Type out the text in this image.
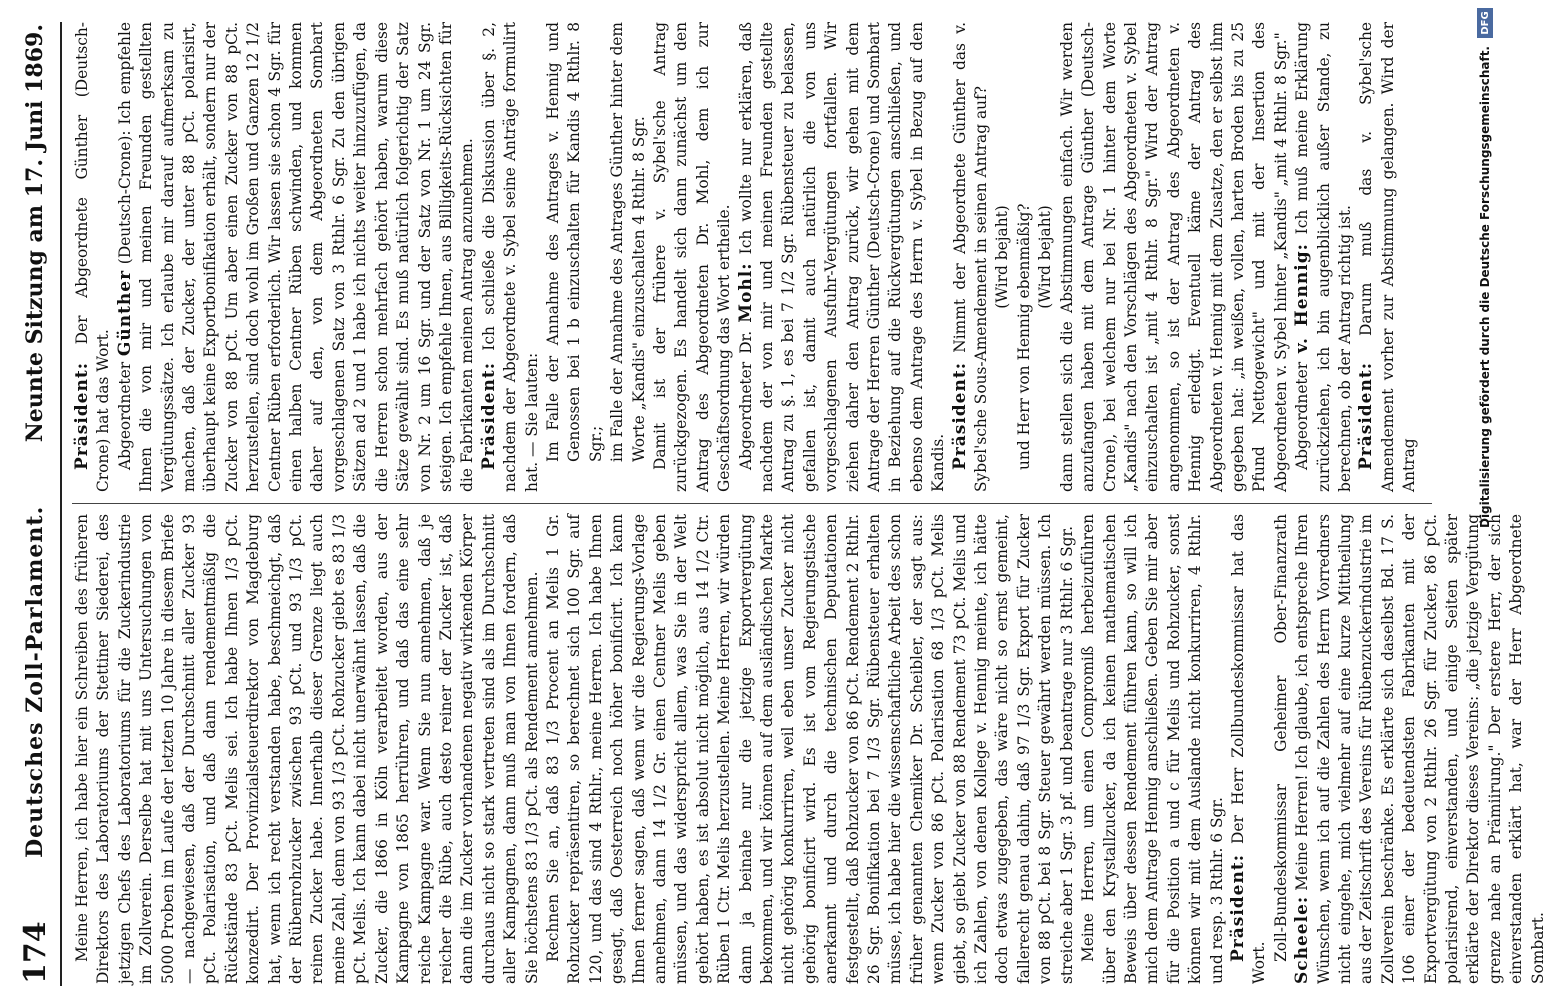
174
Deutsches Zoll-Parlament.
Neunte Sitzung am 17. Juni 1869.

Meine Herren, ich habe hier ein Schreiben des früheren Direktors des Laboratoriums der Stettiner Siederei, des jetzigen Chefs des Laboratoriums für die Zuckerindustrie im Zollverein. Derselbe hat mit uns Untersuchungen von 5000 Proben im Laufe der letzten 10 Jahre in diesem Briefe — nachgewiesen, daß der Durchschnitt aller Zucker 93 pCt. Polarisation, und daß dann rendementmäßig die Rückstände 83 pCt. Melis sei. Ich habe Ihnen 1/3 pCt. konzedirt. Der Provinzialsteuerdirektor von Magdeburg hat, wenn ich recht verstanden habe, beschmeichgt, daß der Rübenrohzucker zwischen 93 pCt. und 93 1/3 pCt. reinen Zucker habe. Innerhalb dieser Grenze liegt auch meine Zahl, denn von 93 1/3 pCt. Rohzucker giebt es 83 1/3 pCt. Melis. Ich kann dabei nicht unerwähnt lassen, daß die Zucker, die 1866 in Köln verarbeitet worden, aus der Kampagne von 1865 herrühren, und daß das eine sehr reiche Kampagne war. Wenn Sie nun annehmen, daß je reicher die Rübe, auch desto reiner der Zucker ist, daß dann die im Zucker vorhandenen negativ wirkenden Körper durchaus nicht so stark vertreten sind als im Durchschnitt aller Kampagnen, dann muß man von Ihnen fordern, daß Sie höchstens 83 1/3 pCt. als Rendement annehmen. Rechnen Sie an, daß 83 1/3 Procent an Melis 1 Gr. Rohzucker repräsentiren, so berechnet sich 100 Sgr. auf 120, und das sind 4 Rthlr., meine Herren. Ich habe Ihnen gesagt, daß Oesterreich noch höher bonificirt. Ich kann Ihnen ferner sagen, daß wenn wir die Regierungs-Vorlage annehmen, dann 14 1/2 Gr. einen Centner Melis geben müssen, und das widerspricht allem, was Sie in der Welt gehört haben, es ist absolut nicht möglich, aus 14 1/2 Ctr. Rüben 1 Ctr. Melis herzustellen. Meine Herren, wir würden dann ja beinahe nur die jetzige Exportvergütung bekommen, und wir können auf dem ausländischen Markte nicht gehörig konkurriren, weil eben unser Zucker nicht gehörig bonificirt wird. Es ist vom Regierungstische anerkannt und durch die technischen Deputationen festgestellt, daß Rohzucker von 86 pCt. Rendement 2 Rthlr. 26 Sgr. Bonifikation bei 7 1/3 Sgr. Rübensteuer erhalten müsse, ich habe hier die wissenschaftliche Arbeit des schon früher genannten Chemiker Dr. Scheibler, der sagt aus: wenn Zucker von 86 pCt. Polarisation 68 1/3 pCt. Melis giebt, so giebt Zucker von 88 Rendement 73 pCt. Melis und ich Zahlen, von denen Kollege v. Hennig meinte, ich hätte doch etwas zugegeben, das wäre nicht so ernst gemeint, fallerecht genau dahin, daß 97 1/3 Sgr. Export für Zucker von 88 pCt. bei 8 Sgr. Steuer gewährt werden müssen. Ich streiche aber 1 Sgr. 3 pf. und beantrage nur 3 Rthlr. 6 Sgr. Meine Herren, um einen Compromiß herbeizuführen über den Krystallzucker, da ich keinen mathematischen Beweis über dessen Rendement führen kann, so will ich mich dem Antrage Hennig anschließen. Geben Sie mir aber für die Position a und c für Melis und Rohzucker, sonst können wir mit dem Auslande nicht konkurriren, 4 Rthlr. und resp. 3 Rthlr. 6 Sgr. Präsident: Der Herr Zollbundeskommissar hat das Wort.

Zoll-Bundeskommissar Geheimer Ober-Finanzrath Scheele: Meine Herren! Ich glaube, ich entspreche Ihren Wünschen, wenn ich auf die Zahlen des Herrn Vorredners nicht eingehe, mich vielmehr auf eine kurze Mittheilung aus der Zeitschrift des Vereins für Rübenzuckerindustrie im Zollverein beschränke. Es erklärte sich daselbst Bd. 17 S. 106 einer der bedeutendsten Fabrikanten mit der Exportvergütung von 2 Rthlr. 26 Sgr. für Zucker, 86 pCt. polarisirend, einverstanden, und einige Seiten später erklärte der Direktor dieses Vereins: „die jetzige Vergütung grenze nahe an Prämiirung." Der erstere Herr, der sich einverstanden erklärt hat, war der Herr Abgeordnete Sombart.

Präsident: Der Abgeordnete Günther (Deutsch-Crone) hat das Wort. Abgeordneter Günther (Deutsch-Crone): Ich empfehle Ihnen die von mir und meinen Freunden gestellten Vergütungssätze. Ich erlaube mir darauf aufmerksam zu machen, daß der Zucker, der unter 88 pCt. polarisirt, überhaupt keine Exportbonifikation erhält, sondern nur der Zucker von 88 pCt. Um aber einen Zucker von 88 pCt. herzustellen, sind doch wohl im Großen und Ganzen 12 1/2 Centner Rüben erforderlich. Wir lassen sie schon 4 Sgr. für einen halben Centner Rüben schwinden, und kommen daher auf den, von dem Abgeordneten Sombart vorgeschlagenen Satz von 3 Rthlr. 6 Sgr. Zu den übrigen Sätzen ad 2 und 1 habe ich nichts weiter hinzuzufügen, da die Herren schon mehrfach gehört haben, warum diese Sätze gewählt sind. Es muß natürlich folgerichtig der Satz von Nr. 2 um 16 Sgr. und der Satz von Nr. 1 um 24 Sgr. steigen. Ich empfehle Ihnen, aus Billigkeits-Rücksichten für die Fabrikanten meinen Antrag anzunehmen. Präsident: Ich schließe die Diskussion über §. 2, nachdem der Abgeordnete v. Sybel seine Anträge formulirt hat. — Sie lauten: Im Falle der Annahme des Antrages v. Hennig und Genossen bei 1 b einzuschalten für Kandis 4 Rthlr. 8 Sgr.; im Falle der Annahme des Antrages Günther hinter dem Worte „Kandis" einzuschalten 4 Rthlr. 8 Sgr. Damit ist der frühere v. Sybel'sche Antrag zurückgezogen. Es handelt sich dann zunächst um den Antrag des Abgeordneten Dr. Mohl, dem ich zur Geschäftsordnung das Wort ertheile. Abgeordneter Dr. Mohl: Ich wollte nur erklären, daß nachdem der von mir und meinen Freunden gestellte Antrag zu §. 1, es bei 7 1/2 Sgr. Rübensteuer zu belassen, gefallen ist, damit auch natürlich die von uns vorgeschlagenen Ausfuhr-Vergütungen fortfallen. Wir ziehen daher den Antrag zurück, wir gehen mit dem Antrage der Herren Günther (Deutsch-Crone) und Sombart in Beziehung auf die Rückvergütungen anschließen, und ebenso dem Antrage des Herrn v. Sybel in Bezug auf den Kandis. Präsident: Nimmt der Abgeordnete Günther das v. Sybel'sche Sous-Amendement in seinen Antrag auf? (Wird bejaht) und Herr von Hennig ebenmäßig? (Wird bejaht) dann stellen sich die Abstimmungen einfach. Wir werden anzufangen haben mit dem Antrage Günther (Deutsch-Crone), bei welchem nur bei Nr. 1 hinter dem Worte „Kandis" nach den Vorschlägen des Abgeordneten v. Sybel einzuschalten ist „mit 4 Rthlr. 8 Sgr." Wird der Antrag angenommen, so ist der Antrag des Abgeordneten v. Hennig erledigt. Eventuell käme der Antrag des Abgeordneten v. Hennig mit dem Zusatze, den er selbst ihm gegeben hat: „in weißen, vollen, harten Broden bis zu 25 Pfund Nettogewicht" und mit der Insertion des Abgeordneten v. Sybel hinter „Kandis" „mit 4 Rthlr. 8 Sgr." Abgeordneter v. Hennig: Ich muß meine Erklärung zurückziehen, ich bin augenblicklich außer Stande, zu berechnen, ob der Antrag richtig ist. Präsident: Darum muß das v. Sybel'sche Amendement vorher zur Abstimmung gelangen. Wird der Antrag	Digitalisierung gefördert durch die Deutsche Forschungsgemeinschaft.
DFG
